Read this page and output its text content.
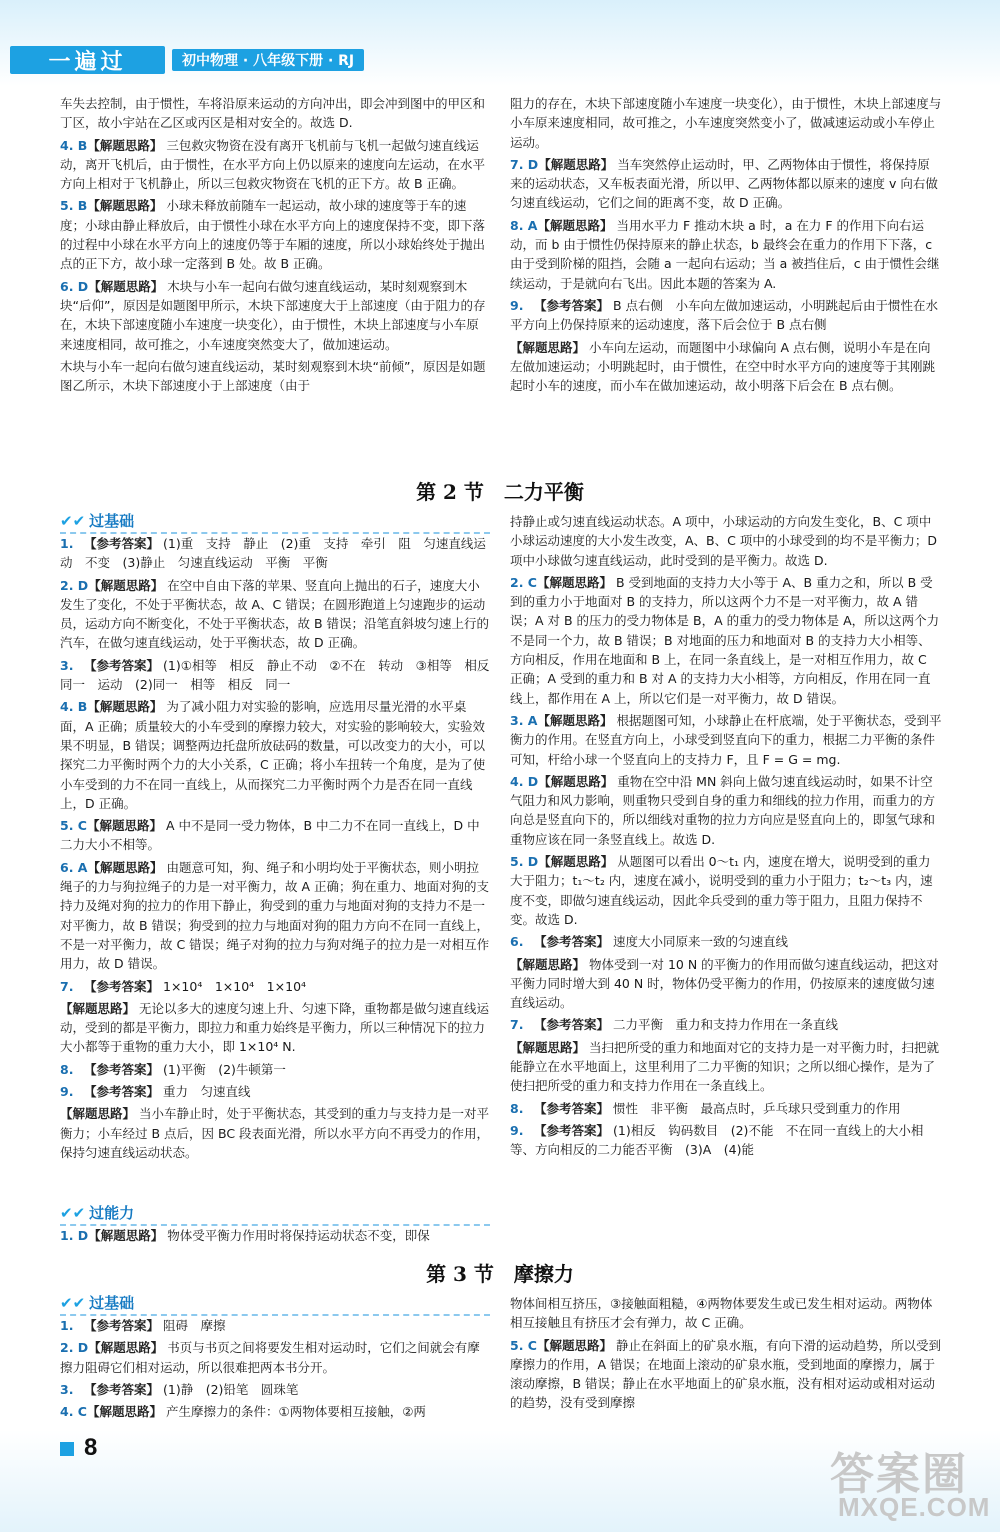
一遍过	初中物理 · 八年级下册 · RJ
车失去控制，由于惯性，车将沿原来运动的方向冲出，即会冲到图中的甲区和丁区，故小宇站在乙区或丙区是相对安全的。故选 D.
4. B【解题思路】 三包救灾物资在没有离开飞机前与飞机一起做匀速直线运动，离开飞机后，由于惯性，在水平方向上仍以原来的速度向左运动，在水平方向上相对于飞机静止，所以三包救灾物资在飞机的正下方。故 B 正确。
5. B【解题思路】 小球未释放前随车一起运动，故小球的速度等于车的速度；小球由静止释放后，由于惯性小球在水平方向上的速度保持不变，即下落的过程中小球在水平方向上的速度仍等于车厢的速度，所以小球始终处于抛出点的正下方，故小球一定落到 B 处。故 B 正确。
6. D【解题思路】 木块与小车一起向右做匀速直线运动，某时刻观察到木块“后仰”，原因是如题图甲所示，木块下部速度大于上部速度（由于阻力的存在，木块下部速度随小车速度一块变化），由于惯性，木块上部速度与小车原来速度相同，故可推之，小车速度突然变大了，做加速运动。
木块与小车一起向右做匀速直线运动，某时刻观察到木块“前倾”，原因是如题图乙所示，木块下部速度小于上部速度（由于
阻力的存在，木块下部速度随小车速度一块变化），由于惯性，木块上部速度与小车原来速度相同，故可推之，小车速度突然变小了，做减速运动或小车停止运动。
7. D【解题思路】 当车突然停止运动时，甲、乙两物体由于惯性，将保持原来的运动状态，又车板表面光滑，所以甲、乙两物体都以原来的速度 v 向右做匀速直线运动，它们之间的距离不变，故 D 正确。
8. A【解题思路】 当用水平力 F 推动木块 a 时，a 在力 F 的作用下向右运动，而 b 由于惯性仍保持原来的静止状态，b 最终会在重力的作用下下落，c 由于受到阶梯的阻挡，会随 a 一起向右运动；当 a 被挡住后，c 由于惯性会继续运动，于是就向右飞出。因此本题的答案为 A.
9. 【参考答案】 B 点右侧　小车向左做加速运动，小明跳起后由于惯性在水平方向上仍保持原来的运动速度，落下后会位于 B 点右侧
【解题思路】 小车向左运动，而题图中小球偏向 A 点右侧，说明小车是在向左做加速运动；小明跳起时，由于惯性，在空中时水平方向的速度等于其刚跳起时小车的速度，而小车在做加速运动，故小明落下后会在 B 点右侧。
第 2 节　二力平衡
✔✔ 过基础
1. 【参考答案】 (1)重　支持　静止　(2)重　支持　牵引　阻　匀速直线运动　不变　(3)静止　匀速直线运动　平衡　平衡
2. D【解题思路】 在空中自由下落的苹果、竖直向上抛出的石子，速度大小发生了变化，不处于平衡状态，故 A、C 错误；在圆形跑道上匀速跑步的运动员，运动方向不断变化，不处于平衡状态，故 B 错误；沿笔直斜坡匀速上行的汽车，在做匀速直线运动，处于平衡状态，故 D 正确。
3. 【参考答案】 (1)①相等　相反　静止不动　②不在　转动　③相等　相反　同一　运动　(2)同一　相等　相反　同一
4. B【解题思路】 为了减小阻力对实验的影响，应选用尽量光滑的水平桌面，A 正确；质量较大的小车受到的摩擦力较大，对实验的影响较大，实验效果不明显，B 错误；调整两边托盘所放砝码的数量，可以改变力的大小，可以探究二力平衡时两个力的大小关系，C 正确；将小车扭转一个角度，是为了使小车受到的力不在同一直线上，从而探究二力平衡时两个力是否在同一直线上，D 正确。
5. C【解题思路】 A 中不是同一受力物体，B 中二力不在同一直线上，D 中二力大小不相等。
6. A【解题思路】 由题意可知，狗、绳子和小明均处于平衡状态，则小明拉绳子的力与狗拉绳子的力是一对平衡力，故 A 正确；狗在重力、地面对狗的支持力及绳对狗的拉力的作用下静止，狗受到的重力与地面对狗的支持力不是一对平衡力，故 B 错误；狗受到的拉力与地面对狗的阻力方向不在同一直线上，不是一对平衡力，故 C 错误；绳子对狗的拉力与狗对绳子的拉力是一对相互作用力，故 D 错误。
7. 【参考答案】 1×10⁴　1×10⁴　1×10⁴
【解题思路】 无论以多大的速度匀速上升、匀速下降，重物都是做匀速直线运动，受到的都是平衡力，即拉力和重力始终是平衡力，所以三种情况下的拉力大小都等于重物的重力大小，即 1×10⁴ N.
8. 【参考答案】 (1)平衡　(2)牛顿第一
9. 【参考答案】 重力　匀速直线
【解题思路】 当小车静止时，处于平衡状态，其受到的重力与支持力是一对平衡力；小车经过 B 点后，因 BC 段表面光滑，所以水平方向不再受力的作用，保持匀速直线运动状态。
持静止或匀速直线运动状态。A 项中，小球运动的方向发生变化，B、C 项中小球运动速度的大小发生改变，A、B、C 项中的小球受到的均不是平衡力；D 项中小球做匀速直线运动，此时受到的是平衡力。故选 D.
2. C【解题思路】 B 受到地面的支持力大小等于 A、B 重力之和，所以 B 受到的重力小于地面对 B 的支持力，所以这两个力不是一对平衡力，故 A 错误；A 对 B 的压力的受力物体是 B，A 的重力的受力物体是 A，所以这两个力不是同一个力，故 B 错误；B 对地面的压力和地面对 B 的支持力大小相等、方向相反，作用在地面和 B 上，在同一条直线上，是一对相互作用力，故 C 正确；A 受到的重力和 B 对 A 的支持力大小相等，方向相反，作用在同一直线上，都作用在 A 上，所以它们是一对平衡力，故 D 错误。
3. A【解题思路】 根据题图可知，小球静止在杆底端，处于平衡状态，受到平衡力的作用。在竖直方向上，小球受到竖直向下的重力，根据二力平衡的条件可知，杆给小球一个竖直向上的支持力 F，且 F = G = mg.
4. D【解题思路】 重物在空中沿 MN 斜向上做匀速直线运动时，如果不计空气阻力和风力影响，则重物只受到自身的重力和细线的拉力作用，而重力的方向总是竖直向下的，所以细线对重物的拉力方向应是竖直向上的，即氢气球和重物应该在同一条竖直线上。故选 D.
5. D【解题思路】 从题图可以看出 0～t₁ 内，速度在增大，说明受到的重力大于阻力；t₁～t₂ 内，速度在减小，说明受到的重力小于阻力；t₂～t₃ 内，速度不变，即做匀速直线运动，因此伞兵受到的重力等于阻力，且阻力保持不变。故选 D.
6. 【参考答案】 速度大小同原来一致的匀速直线
【解题思路】 物体受到一对 10 N 的平衡力的作用而做匀速直线运动，把这对平衡力同时增大到 40 N 时，物体仍受平衡力的作用，仍按原来的速度做匀速直线运动。
7. 【参考答案】 二力平衡　重力和支持力作用在一条直线
【解题思路】 当扫把所受的重力和地面对它的支持力是一对平衡力时，扫把就能静立在水平地面上，这里利用了二力平衡的知识；之所以细心操作，是为了使扫把所受的重力和支持力作用在一条直线上。
8. 【参考答案】 惯性　非平衡　最高点时，乒乓球只受到重力的作用
9. 【参考答案】 (1)相反　钩码数目　(2)不能　不在同一直线上的大小相等、方向相反的二力能否平衡　(3)A　(4)能
✔✔ 过能力
1. D【解题思路】 物体受平衡力作用时将保持运动状态不变，即保
第 3 节　摩擦力
✔✔ 过基础
1. 【参考答案】 阻碍　摩擦
2. D【解题思路】 书页与书页之间将要发生相对运动时，它们之间就会有摩擦力阻碍它们相对运动，所以很难把两本书分开。
3. 【参考答案】 (1)静　(2)铅笔　圆珠笔
4. C【解题思路】 产生摩擦力的条件：①两物体要相互接触，②两
物体间相互挤压，③接触面粗糙，④两物体要发生或已发生相对运动。两物体相互接触且有挤压才会有弹力，故 C 正确。
5. C【解题思路】 静止在斜面上的矿泉水瓶，有向下滑的运动趋势，所以受到摩擦力的作用，A 错误；在地面上滚动的矿泉水瓶，受到地面的摩擦力，属于滚动摩擦，B 错误；静止在水平地面上的矿泉水瓶，没有相对运动或相对运动的趋势，没有受到摩擦
8
答案圈
MXQE.COM
